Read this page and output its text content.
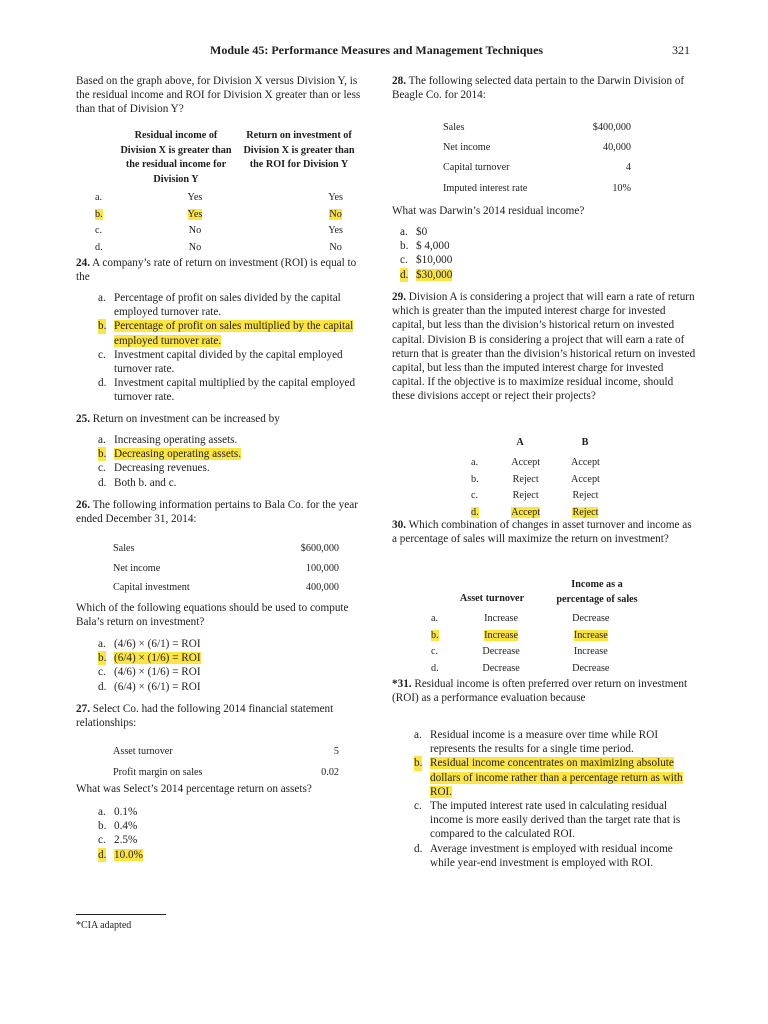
Module 45: Performance Measures and Management Techniques	321
Based on the graph above, for Division X versus Division Y, is the residual income and ROI for Division X greater than or less than that of Division Y?
Residual income of Division X is greater than the residual income for Division Y
Return on investment of Division X is greater than the ROI for Division Y
a.	Yes		Yes
b.	Yes		No
c.	No		Yes
d.	No		No
24. A company’s rate of return on investment (ROI) is equal to the
a. Percentage of profit on sales divided by the capital employed turnover rate.
b. Percentage of profit on sales multiplied by the capital employed turnover rate.
c. Investment capital divided by the capital employed turnover rate.
d. Investment capital multiplied by the capital employed turnover rate.
25. Return on investment can be increased by
a. Increasing operating assets.
b. Decreasing operating assets.
c. Decreasing revenues.
d. Both b. and c.
26. The following information pertains to Bala Co. for the year ended December 31, 2014:
Sales	$600,000
Net income	100,000
Capital investment	400,000
Which of the following equations should be used to compute Bala’s return on investment?
a. (4/6) × (6/1) = ROI
b. (6/4) × (1/6) = ROI
c. (4/6) × (1/6) = ROI
d. (6/4) × (6/1) = ROI
27. Select Co. had the following 2014 financial statement relationships:
Asset turnover	5
Profit margin on sales	0.02
What was Select’s 2014 percentage return on assets?
a. 0.1%
b. 0.4%
c. 2.5%
d. 10.0%
*CIA adapted
28. The following selected data pertain to the Darwin Division of Beagle Co. for 2014:
Sales	$400,000
Net income	40,000
Capital turnover	4
Imputed interest rate	10%
What was Darwin’s 2014 residual income?
a. $0
b. $ 4,000
c. $10,000
d. $30,000
29. Division A is considering a project that will earn a rate of return which is greater than the imputed interest charge for invested capital, but less than the division’s historical return on invested capital. Division B is considering a project that will earn a rate of return that is greater than the division’s historical return on invested capital, but less than the imputed interest charge for invested capital. If the objective is to maximize residual income, should these divisions accept or reject their projects?
A	B
a.	Accept	Accept
b.	Reject	Accept
c.	Reject	Reject
d.	Accept	Reject
30. Which combination of changes in asset turnover and income as a percentage of sales will maximize the return on investment?
Asset turnover
Income as a percentage of sales
a.	Increase	Decrease
b.	Increase	Increase
c.	Decrease	Increase
d.	Decrease	Decrease
*31. Residual income is often preferred over return on investment (ROI) as a performance evaluation because
a. Residual income is a measure over time while ROI represents the results for a single time period.
b. Residual income concentrates on maximizing absolute dollars of income rather than a percentage return as with ROI.
c. The imputed interest rate used in calculating residual income is more easily derived than the target rate that is compared to the calculated ROI.
d. Average investment is employed with residual income while year-end investment is employed with ROI.
